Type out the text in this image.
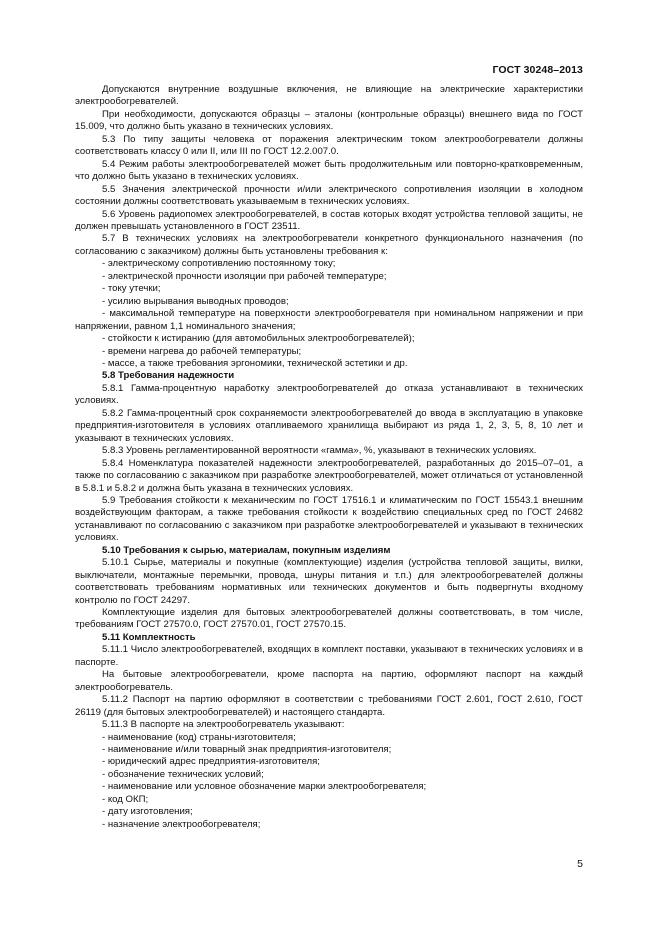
ГОСТ 30248–2013

Допускаются внутренние воздушные включения, не влияющие на электрические характеристики электрообогревателей.

При необходимости, допускаются образцы – эталоны (контрольные образцы) внешнего вида по ГОСТ 15.009, что должно быть указано в технических условиях.

5.3 По типу защиты человека от поражения электрическим током электрообогреватели должны соответствовать классу 0 или II, или III по ГОСТ 12.2.007.0.

5.4 Режим работы электрообогревателей может быть продолжительным или повторно-кратковременным, что должно быть указано в технических условиях.

5.5 Значения электрической прочности и/или электрического сопротивления изоляции в холодном состоянии должны соответствовать указываемым в технических условиях.

5.6 Уровень радиопомех электрообогревателей, в состав которых входят устройства тепловой защиты, не должен превышать установленного в ГОСТ 23511.

5.7 В технических условиях на электрообогреватели конкретного функционального назначения (по согласованию с заказчиком) должны быть установлены требования к:

- электрическому сопротивлению постоянному току;

- электрической прочности изоляции при рабочей температуре;

- току утечки;

- усилию вырывания выводных проводов;

- максимальной температуре на поверхности электрообогревателя при номинальном напряжении и при напряжении, равном 1,1 номинального значения;

- стойкости к истиранию (для автомобильных электрообогревателей);

- времени нагрева до рабочей температуры;

- массе, а также требования эргономики, технической эстетики и др.

5.8 Требования надежности

5.8.1 Гамма-процентную наработку электрообогревателей до отказа устанавливают в технических условиях.

5.8.2 Гамма-процентный срок сохраняемости электрообогревателей до ввода в эксплуатацию в упаковке предприятия-изготовителя в условиях отапливаемого хранилища выбирают из ряда 1, 2, 3, 5, 8, 10 лет и указывают в технических условиях.

5.8.3 Уровень регламентированной вероятности «гамма», %, указывают в технических условиях.

5.8.4 Номенклатура показателей надежности электрообогревателей, разработанных до 2015–07–01, а также по согласованию с заказчиком при разработке электрообогревателей, может отличаться от установленной в 5.8.1 и 5.8.2 и должна быть указана в технических условиях.

5.9 Требования стойкости к механическим по ГОСТ 17516.1 и климатическим по ГОСТ 15543.1 внешним воздействующим факторам, а также требования стойкости к воздействию специальных сред по ГОСТ 24682 устанавливают по согласованию с заказчиком при разработке электрообогревателей и указывают в технических условиях.

5.10 Требования к сырью, материалам, покупным изделиям

5.10.1 Сырье, материалы и покупные (комплектующие) изделия (устройства тепловой защиты, вилки, выключатели, монтажные перемычки, провода, шнуры питания и т.п.) для электрообогревателей должны соответствовать требованиям нормативных или технических документов и быть подвергнуты входному контролю по ГОСТ 24297.

Комплектующие изделия для бытовых электрообогревателей должны соответствовать, в том числе, требованиям ГОСТ 27570.0, ГОСТ 27570.01, ГОСТ 27570.15.

5.11 Комплектность

5.11.1 Число электрообогревателей, входящих в комплект поставки, указывают в технических условиях и в паспорте.

На бытовые электрообогреватели, кроме паспорта на партию, оформляют паспорт на каждый электрообогреватель.

5.11.2 Паспорт на партию оформляют в соответствии с требованиями ГОСТ 2.601, ГОСТ 2.610, ГОСТ 26119 (для бытовых электрообогревателей) и настоящего стандарта.

5.11.3 В паспорте на электрообогреватель указывают:

- наименование (код) страны-изготовителя;

- наименование и/или товарный знак предприятия-изготовителя;

- юридический адрес предприятия-изготовителя;

- обозначение технических условий;

- наименование или условное обозначение марки электрообогревателя;

- код ОКП;

- дату изготовления;

- назначение электрообогревателя;

5
